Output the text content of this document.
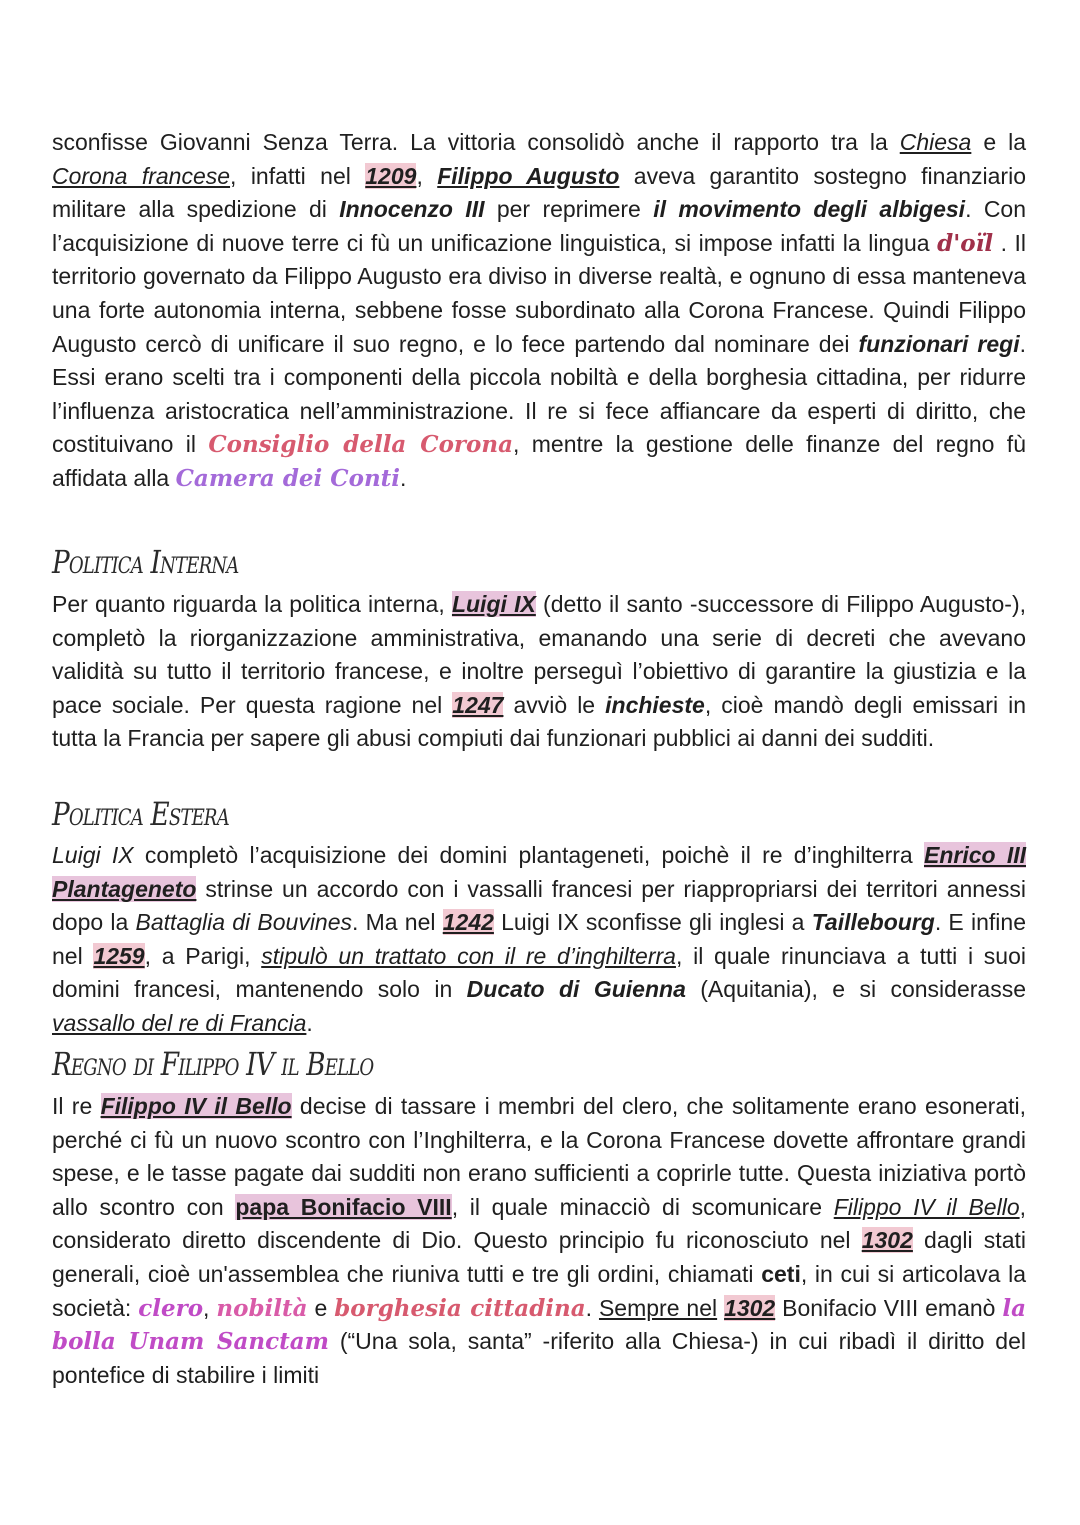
sconfisse Giovanni Senza Terra. La vittoria consolidò anche il rapporto tra la Chiesa e la Corona francese, infatti nel 1209, Filippo Augusto aveva garantito sostegno finanziario militare alla spedizione di Innocenzo III per reprimere il movimento degli albigesi. Con l’acquisizione di nuove terre ci fù un unificazione linguistica, si impose infatti la lingua d'oïl . Il territorio governato da Filippo Augusto era diviso in diverse realtà, e ognuno di essa manteneva una forte autonomia interna, sebbene fosse subordinato alla Corona Francese. Quindi Filippo Augusto cercò di unificare il suo regno, e lo fece partendo dal nominare dei funzionari regi. Essi erano scelti tra i componenti della piccola nobiltà e della borghesia cittadina, per ridurre l’influenza aristocratica nell’amministrazione. Il re si fece affiancare da esperti di diritto, che costituivano il Consiglio della Corona, mentre la gestione delle finanze del regno fù affidata alla Camera dei Conti.

Politica Interna

Per quanto riguarda la politica interna, Luigi IX (detto il santo -successore di Filippo Augusto-), completò la riorganizzazione amministrativa, emanando una serie di decreti che avevano validità su tutto il territorio francese, e inoltre perseguì l’obiettivo di garantire la giustizia e la pace sociale. Per questa ragione nel 1247 avviò le inchieste, cioè mandò degli emissari in tutta la Francia per sapere gli abusi compiuti dai funzionari pubblici ai danni dei sudditi.

Politica Estera

Luigi IX completò l’acquisizione dei domini plantageneti, poichè il re d’inghilterra Enrico III Plantageneto strinse un accordo con i vassalli francesi per riappropriarsi dei territori annessi dopo la Battaglia di Bouvines. Ma nel 1242 Luigi IX sconfisse gli inglesi a Taillebourg. E infine nel 1259, a Parigi, stipulò un trattato con il re d’inghilterra, il quale rinunciava a tutti i suoi domini francesi, mantenendo solo in Ducato di Guienna (Aquitania), e si considerasse vassallo del re di Francia.

Regno di Filippo IV il Bello

Il re Filippo IV il Bello decise di tassare i membri del clero, che solitamente erano esonerati, perché ci fù un nuovo scontro con l’Inghilterra, e la Corona Francese dovette affrontare grandi spese, e le tasse pagate dai sudditi non erano sufficienti a coprirle tutte. Questa iniziativa portò allo scontro con papa Bonifacio VIII, il quale minacciò di scomunicare Filippo IV il Bello, considerato diretto discendente di Dio. Questo principio fu riconosciuto nel 1302 dagli stati generali, cioè un'assemblea che riuniva tutti e tre gli ordini, chiamati ceti, in cui si articolava la società: clero, nobiltà e borghesia cittadina. Sempre nel 1302 Bonifacio VIII emanò la bolla Unam Sanctam (“Una sola, santa” -riferito alla Chiesa-) in cui ribadì il diritto del pontefice di stabilire i limiti
